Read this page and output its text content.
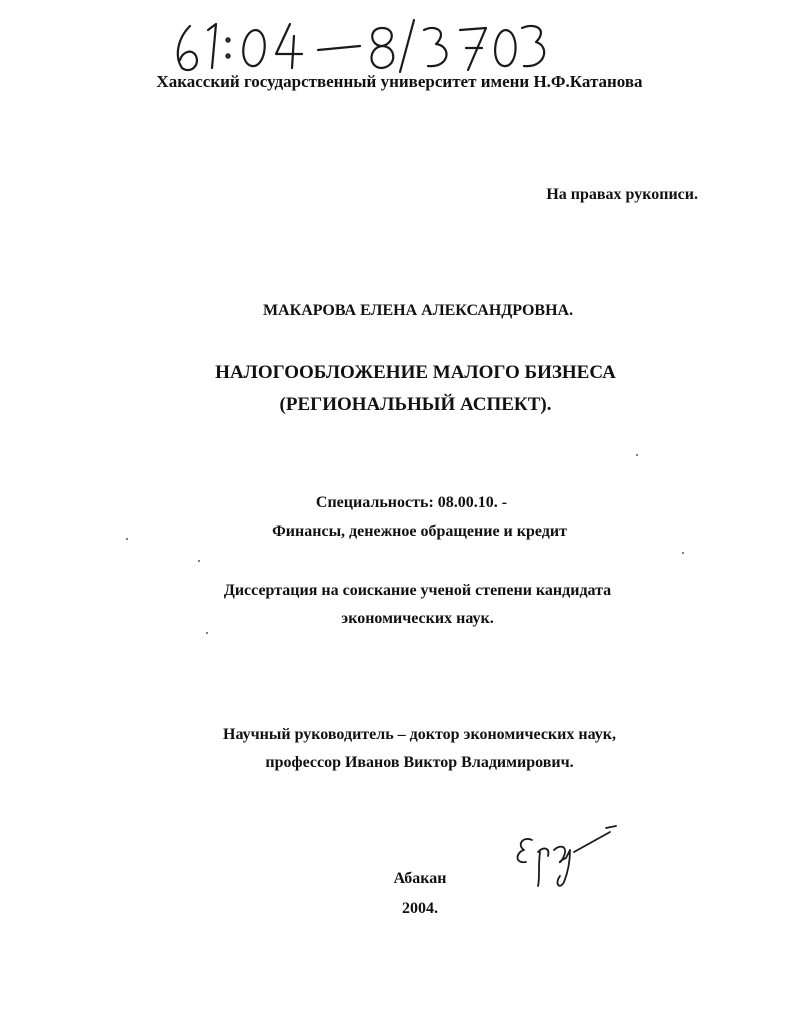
Хакасский государственный университет имени Н.Ф.Катанова
На правах рукописи.
МАКАРОВА ЕЛЕНА АЛЕКСАНДРОВНА.
НАЛОГООБЛОЖЕНИЕ МАЛОГО БИЗНЕСА
(РЕГИОНАЛЬНЫЙ АСПЕКТ).
Специальность: 08.00.10. -
Финансы, денежное обращение и кредит
Диссертация на соискание ученой степени кандидата
экономических наук.
Научный руководитель – доктор экономических наук,
профессор Иванов Виктор Владимирович.
Абакан
2004.
